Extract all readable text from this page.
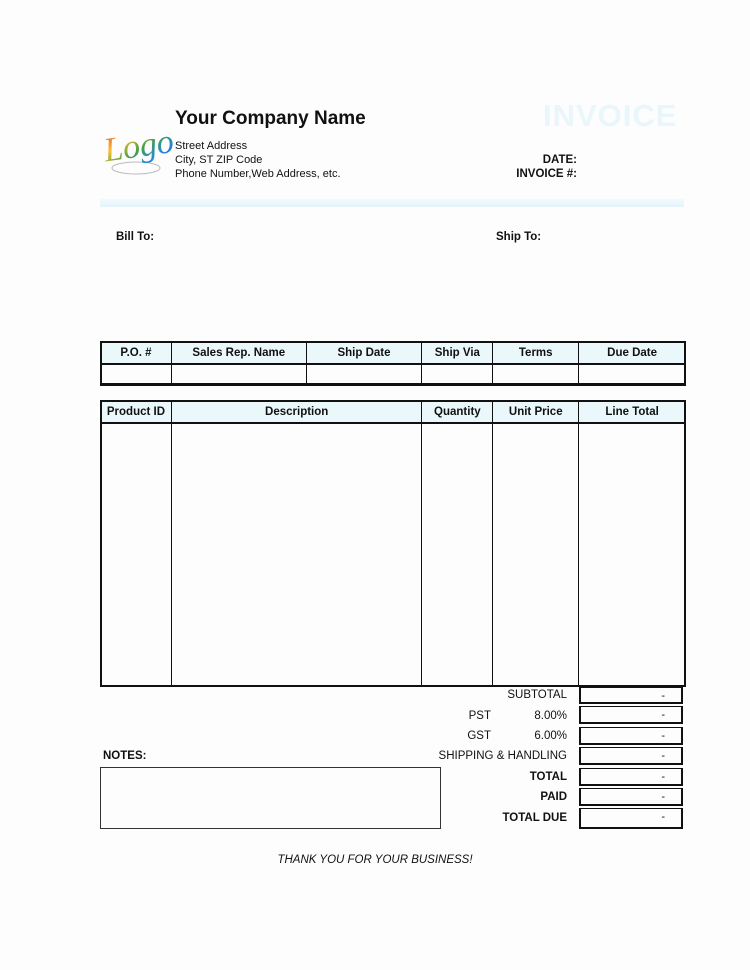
Logo
Your Company Name
Street Address
City, ST ZIP Code
Phone Number,Web Address, etc.
INVOICE
DATE:
INVOICE #:
Bill To:	Ship To:
P.O. #	Sales Rep. Name	Ship Date	Ship Via	Terms	Due Date

Product ID	Description	Quantity	Unit Price	Line Total

SUBTOTAL	-
PST	8.00%	-
GST	6.00%	-
SHIPPING & HANDLING	-
TOTAL	-
PAID	-
TOTAL DUE	-
NOTES:
THANK YOU FOR YOUR BUSINESS!
